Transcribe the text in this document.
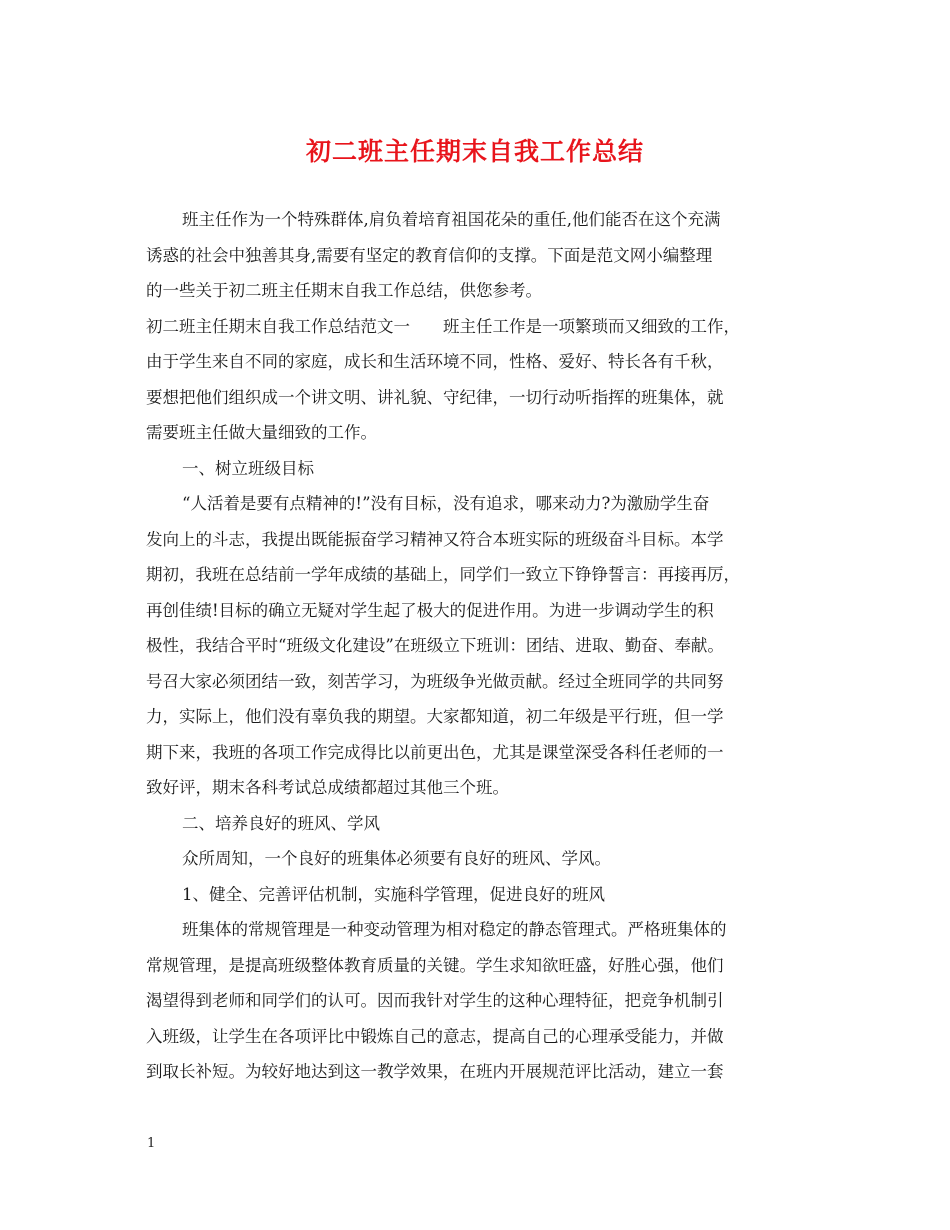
初二班主任期末自我工作总结
班主任作为一个特殊群体,肩负着培育祖国花朵的重任,他们能否在这个充满
诱惑的社会中独善其身,需要有坚定的教育信仰的支撑。下面是范文网小编整理
的一些关于初二班主任期末自我工作总结，供您参考。
初二班主任期末自我工作总结范文一　　班主任工作是一项繁琐而又细致的工作，
由于学生来自不同的家庭，成长和生活环境不同，性格、爱好、特长各有千秋，
要想把他们组织成一个讲文明、讲礼貌、守纪律，一切行动听指挥的班集体，就
需要班主任做大量细致的工作。
一、树立班级目标
“人活着是要有点精神的!”没有目标，没有追求，哪来动力?为激励学生奋
发向上的斗志，我提出既能振奋学习精神又符合本班实际的班级奋斗目标。本学
期初，我班在总结前一学年成绩的基础上，同学们一致立下铮铮誓言：再接再厉，
再创佳绩!目标的确立无疑对学生起了极大的促进作用。为进一步调动学生的积
极性，我结合平时“班级文化建设”在班级立下班训：团结、进取、勤奋、奉献。
号召大家必须团结一致，刻苦学习，为班级争光做贡献。经过全班同学的共同努
力，实际上，他们没有辜负我的期望。大家都知道，初二年级是平行班，但一学
期下来，我班的各项工作完成得比以前更出色，尤其是课堂深受各科任老师的一
致好评，期末各科考试总成绩都超过其他三个班。
二、培养良好的班风、学风
众所周知，一个良好的班集体必须要有良好的班风、学风。
1、健全、完善评估机制，实施科学管理，促进良好的班风
班集体的常规管理是一种变动管理为相对稳定的静态管理式。严格班集体的
常规管理，是提高班级整体教育质量的关键。学生求知欲旺盛，好胜心强，他们
渴望得到老师和同学们的认可。因而我针对学生的这种心理特征，把竞争机制引
入班级，让学生在各项评比中锻炼自己的意志，提高自己的心理承受能力，并做
到取长补短。为较好地达到这一教学效果，在班内开展规范评比活动，建立一套
1
